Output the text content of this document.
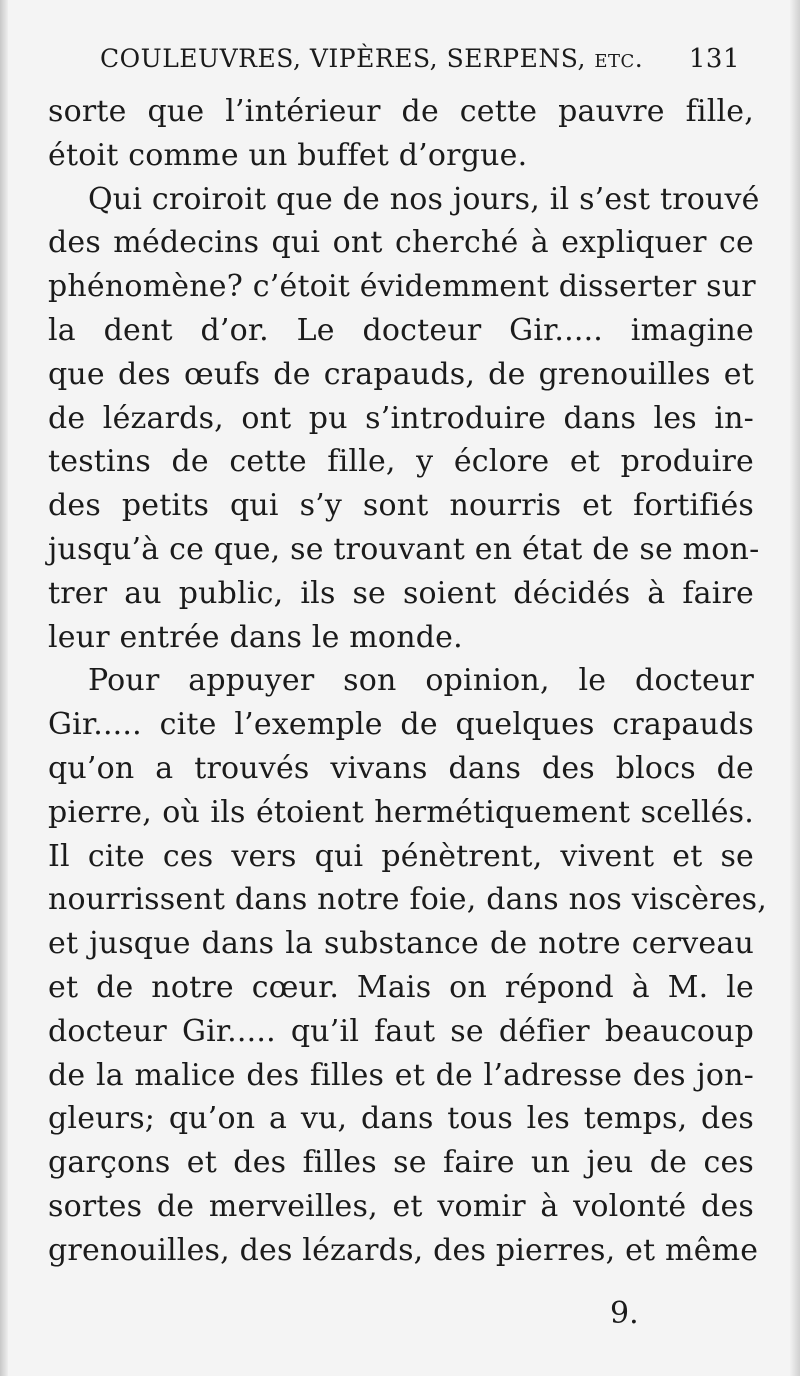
COULEUVRES, VIPÈRES, SERPENS, etc. 131
sorte que l’intérieur de cette pauvre fille,
étoit comme un buffet d’orgue.
Qui croiroit que de nos jours, il s’est trouvé
des médecins qui ont cherché à expliquer ce
phénomène? c’étoit évidemment disserter sur
la dent d’or. Le docteur Gir..... imagine
que des œufs de crapauds, de grenouilles et
de lézards, ont pu s’introduire dans les in-
testins de cette fille, y éclore et produire
des petits qui s’y sont nourris et fortifiés
jusqu’à ce que, se trouvant en état de se mon-
trer au public, ils se soient décidés à faire
leur entrée dans le monde.
Pour appuyer son opinion, le docteur
Gir..... cite l’exemple de quelques crapauds
qu’on a trouvés vivans dans des blocs de
pierre, où ils étoient hermétiquement scellés.
Il cite ces vers qui pénètrent, vivent et se
nourrissent dans notre foie, dans nos viscères,
et jusque dans la substance de notre cerveau
et de notre cœur. Mais on répond à M. le
docteur Gir..... qu’il faut se défier beaucoup
de la malice des filles et de l’adresse des jon-
gleurs; qu’on a vu, dans tous les temps, des
garçons et des filles se faire un jeu de ces
sortes de merveilles, et vomir à volonté des
grenouilles, des lézards, des pierres, et même
9.
